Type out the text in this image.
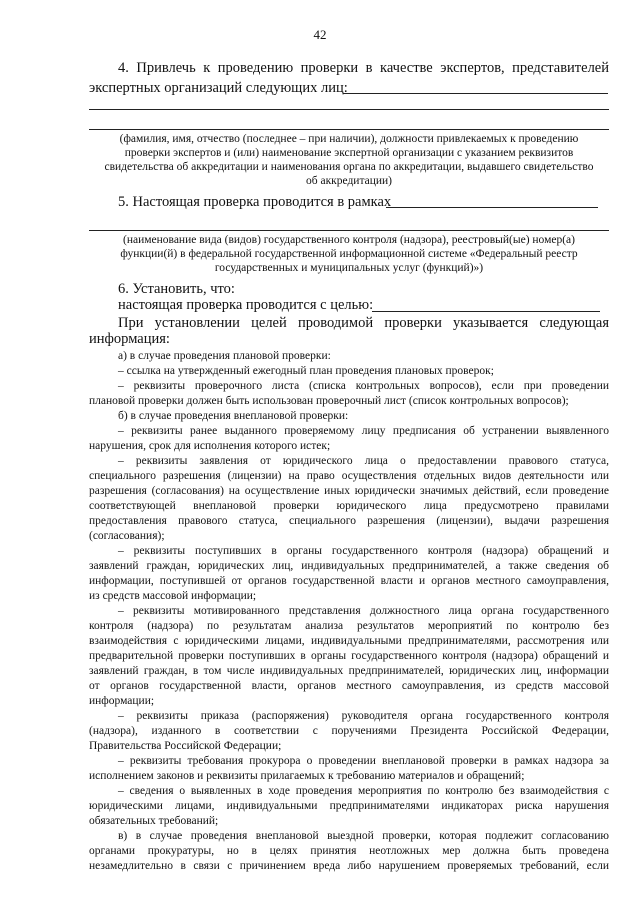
42
4. Привлечь к проведению проверки в качестве экспертов, представителей
экспертных организаций следующих лиц:
(фамилия, имя, отчество (последнее – при наличии), должности привлекаемых к проведению
проверки экспертов и (или) наименование экспертной организации с указанием реквизитов
свидетельства об аккредитации и наименования органа по аккредитации, выдавшего свидетельство
об аккредитации)
5. Настоящая проверка проводится в рамках
(наименование вида (видов) государственного контроля (надзора), реестровый(ые) номер(а)
функции(й) в федеральной государственной информационной системе «Федеральный реестр
государственных и муниципальных услуг (функций)»)
6. Установить, что:
настоящая проверка проводится с целью:
При установлении целей проводимой проверки указывается следующая
информация:
а) в случае проведения плановой проверки:
– ссылка на утвержденный ежегодный план проведения плановых проверок;
– реквизиты проверочного листа (списка контрольных вопросов), если при проведении
плановой проверки должен быть использован проверочный лист (список контрольных вопросов);
б) в случае проведения внеплановой проверки:
– реквизиты ранее выданного проверяемому лицу предписания об устранении выявленного
нарушения, срок для исполнения которого истек;
– реквизиты заявления от юридического лица о предоставлении правового статуса,
специального разрешения (лицензии) на право осуществления отдельных видов деятельности или
разрешения (согласования) на осуществление иных юридически значимых действий, если проведение
соответствующей внеплановой проверки юридического лица предусмотрено правилами
предоставления правового статуса, специального разрешения (лицензии), выдачи разрешения
(согласования);
– реквизиты поступивших в органы государственного контроля (надзора) обращений и
заявлений граждан, юридических лиц, индивидуальных предпринимателей, а также сведения об
информации, поступившей от органов государственной власти и органов местного самоуправления,
из средств массовой информации;
– реквизиты мотивированного представления должностного лица органа государственного
контроля (надзора) по результатам анализа результатов мероприятий по контролю без
взаимодействия с юридическими лицами, индивидуальными предпринимателями, рассмотрения или
предварительной проверки поступивших в органы государственного контроля (надзора) обращений и
заявлений граждан, в том числе индивидуальных предпринимателей, юридических лиц, информации
от органов государственной власти, органов местного самоуправления, из средств массовой
информации;
– реквизиты приказа (распоряжения) руководителя органа государственного контроля
(надзора), изданного в соответствии с поручениями Президента Российской Федерации,
Правительства Российской Федерации;
– реквизиты требования прокурора о проведении внеплановой проверки в рамках надзора за
исполнением законов и реквизиты прилагаемых к требованию материалов и обращений;
– сведения о выявленных в ходе проведения мероприятия по контролю без взаимодействия с
юридическими лицами, индивидуальными предпринимателями индикаторах риска нарушения
обязательных требований;
в) в случае проведения внеплановой выездной проверки, которая подлежит согласованию
органами прокуратуры, но в целях принятия неотложных мер должна быть проведена
незамедлительно в связи с причинением вреда либо нарушением проверяемых требований, если
